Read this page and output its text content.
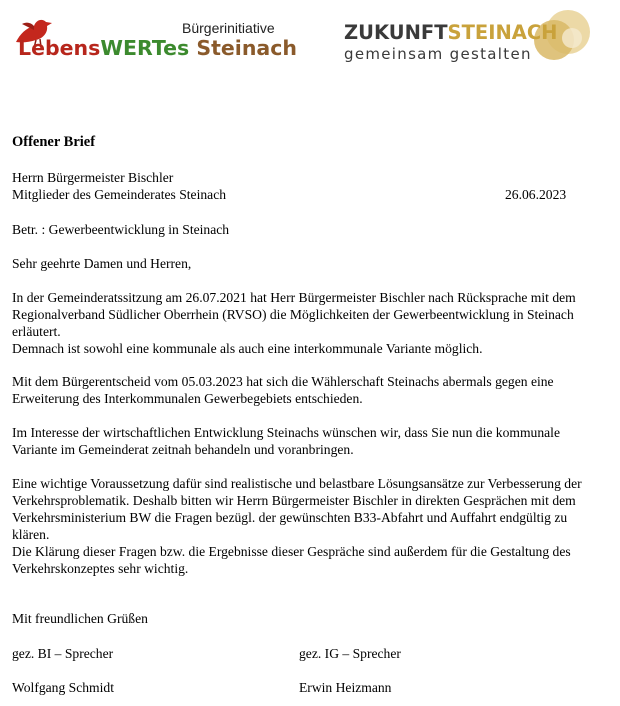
Bürgerinitiative
LebensWERTes Steinach
ZUKUNFTSTEINACH
gemeinsam gestalten
Offener Brief
Herrn Bürgermeister Bischler
Mitglieder des Gemeinderates Steinach	26.06.2023
Betr. : Gewerbeentwicklung in Steinach
Sehr geehrte Damen und Herren,
In der Gemeinderatssitzung am 26.07.2021 hat Herr Bürgermeister Bischler nach Rücksprache mit dem Regionalverband Südlicher Oberrhein (RVSO) die Möglichkeiten der Gewerbeentwicklung in Steinach erläutert.
Demnach ist sowohl eine kommunale als auch eine interkommunale Variante möglich.
Mit dem Bürgerentscheid vom 05.03.2023 hat sich die Wählerschaft Steinachs abermals gegen eine Erweiterung des Interkommunalen Gewerbegebiets entschieden.
Im Interesse der wirtschaftlichen Entwicklung Steinachs wünschen wir, dass Sie nun die kommunale Variante im Gemeinderat zeitnah behandeln und voranbringen.
Eine wichtige Voraussetzung dafür sind realistische und belastbare Lösungsansätze zur Verbesserung der Verkehrsproblematik. Deshalb bitten wir Herrn Bürgermeister Bischler in direkten Gesprächen mit dem Verkehrsministerium BW die Fragen bezügl. der gewünschten B33-Abfahrt und Auffahrt endgültig zu klären.
Die Klärung dieser Fragen bzw. die Ergebnisse dieser Gespräche sind außerdem für die Gestaltung des Verkehrskonzeptes sehr wichtig.
Mit freundlichen Grüßen
gez. BI – Sprecher	gez. IG – Sprecher
Wolfgang Schmidt	Erwin Heizmann
